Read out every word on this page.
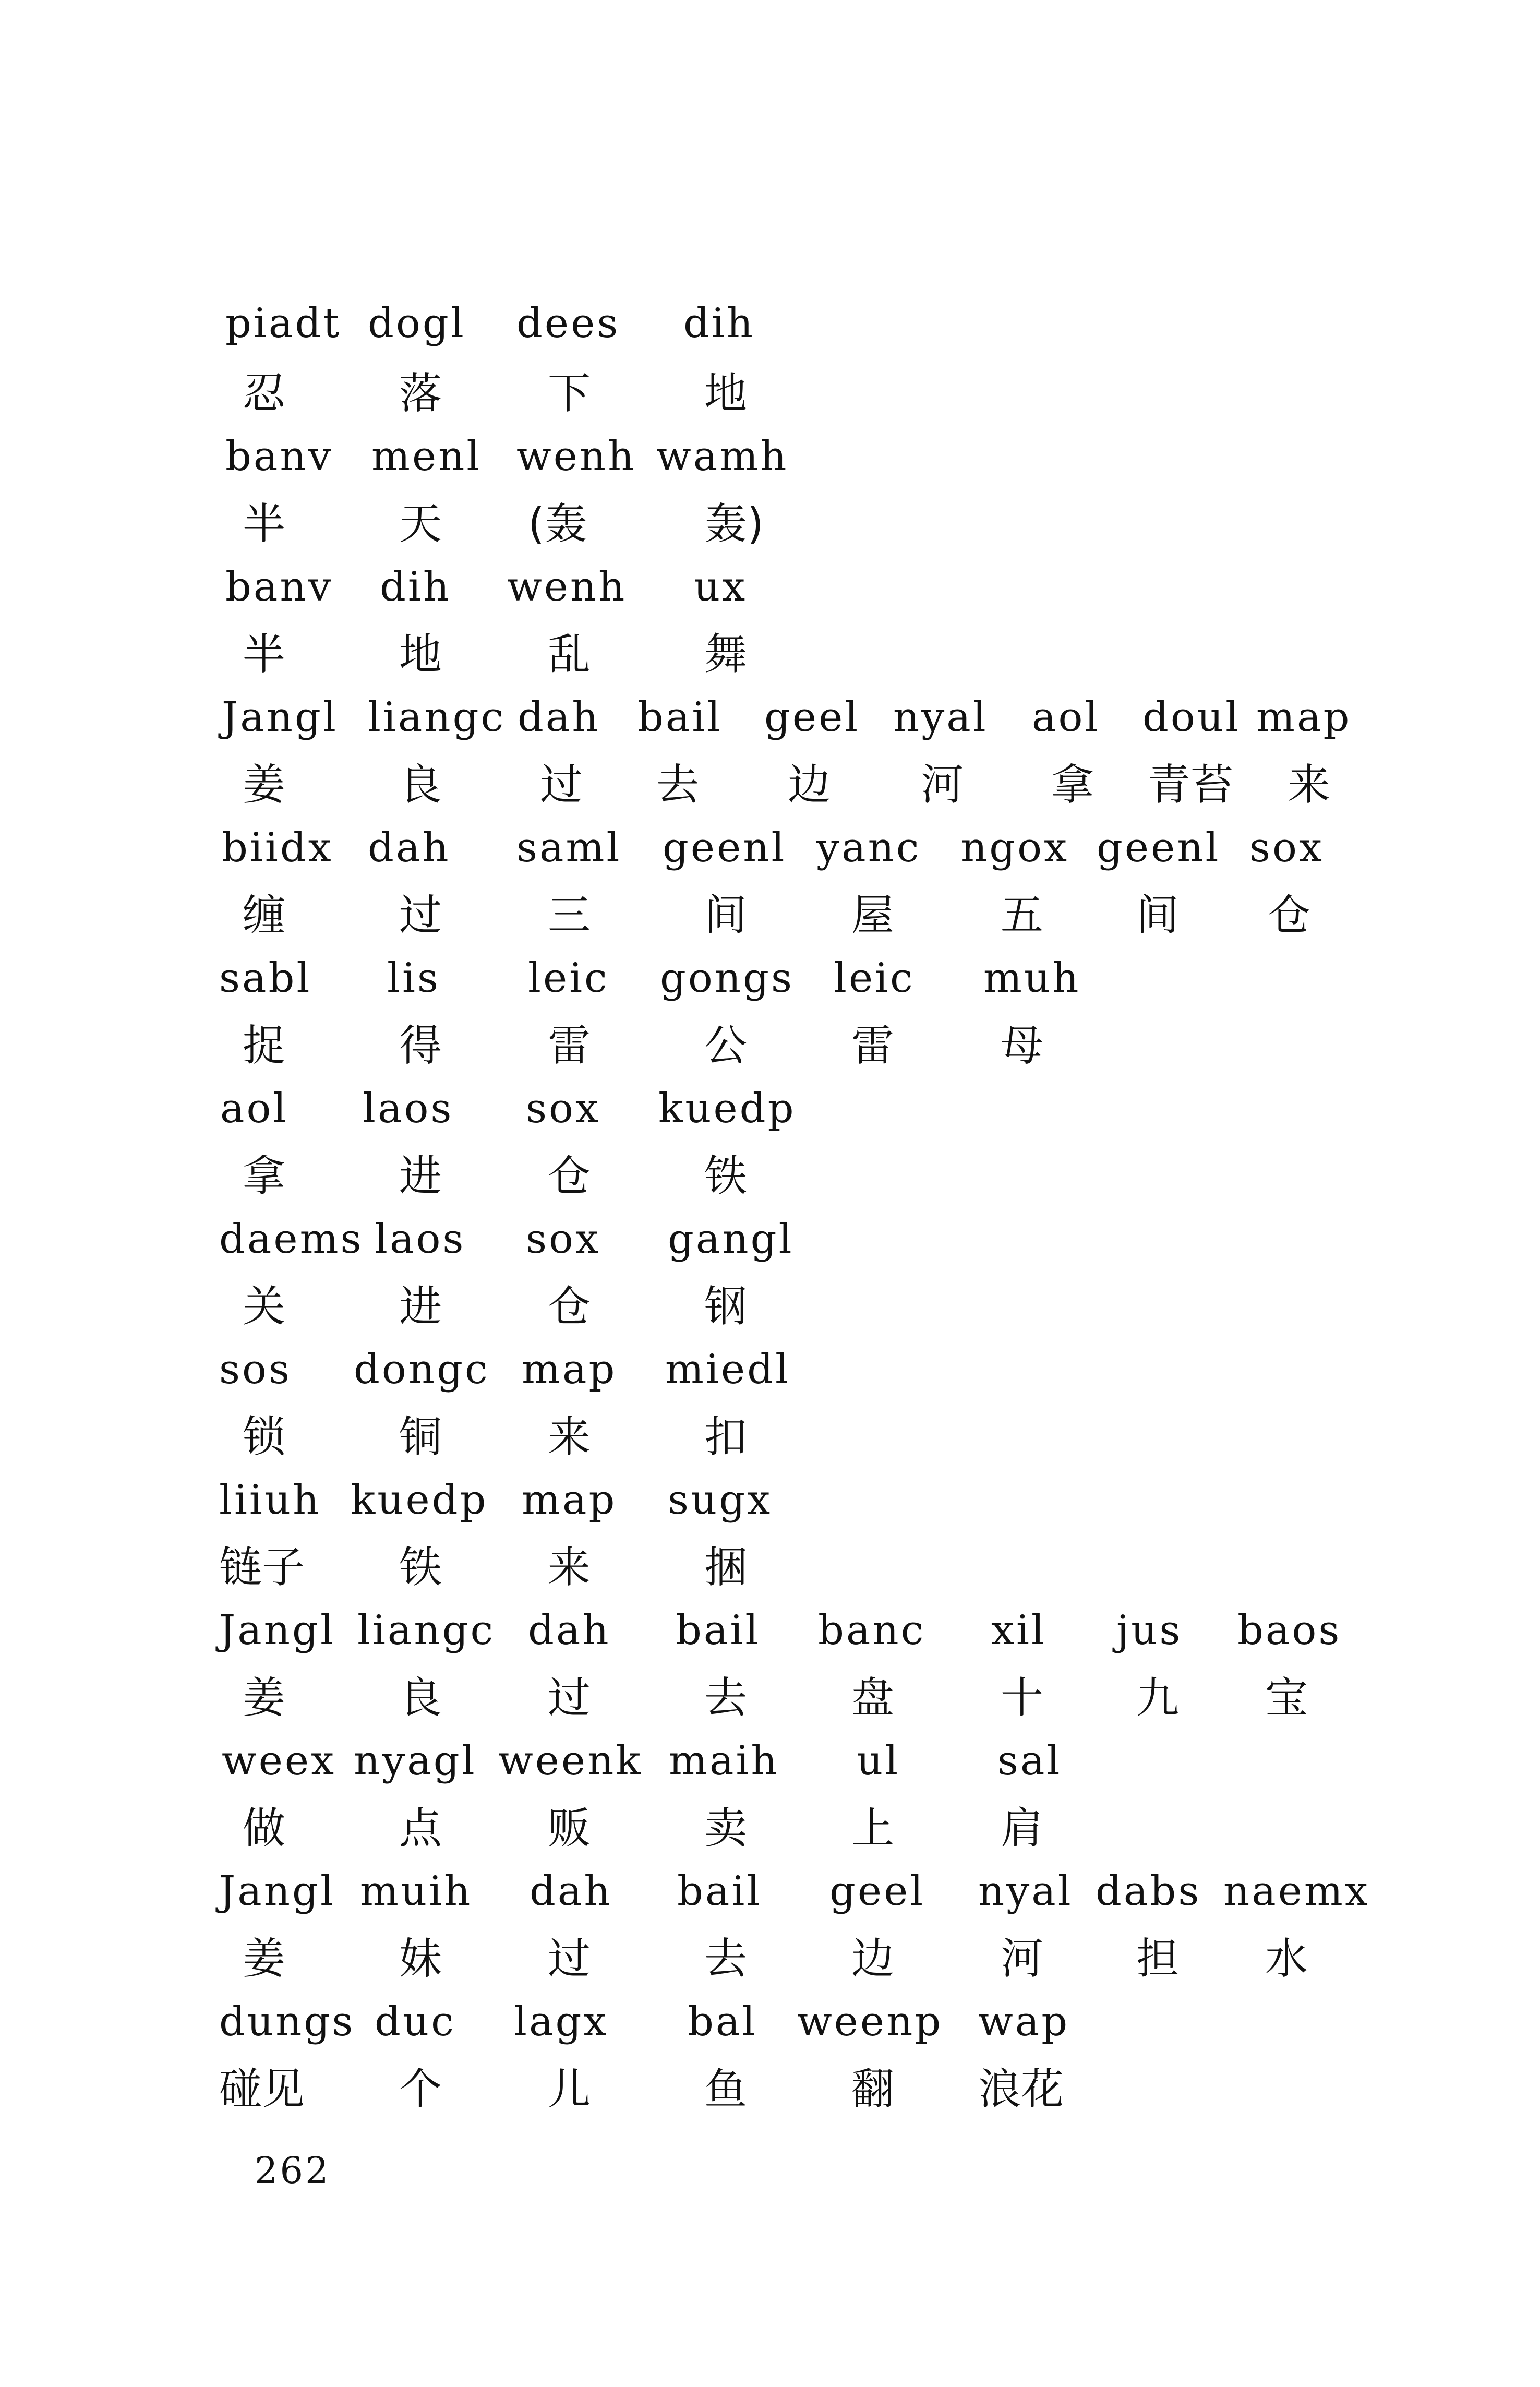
piadt dogl dees dih
忍	落 下	地
banv menl wenh wamh
半	天 (轰	轰)
banv dih wenh ux
半	地 乱	舞
Jangl liangc dah bail geel nyal aol doul map
姜	良 过 去 边 河 拿 青苔 来
biidx dah saml geenl yanc ngox geenl sox
缠	过 三	间 屋 五 间 仓
sabl lis leic gongs leic muh
捉	得 雷	公 雷 母
aol laos sox kuedp
拿	进 仓	铁
daems laos sox gangl
关	进 仓	钢
sos dongc map miedl
锁	铜 来	扣
liiuh kuedp map sugx
链子 铁 来	捆
Jangl liangc dah bail banc xil jus baos
姜	良 过	去 盘 十 九 宝
weex nyagl weenk maih ul sal
做	点 贩	卖 上 肩
Jangl muih dah bail geel nyal dabs naemx
姜	妹 过	去 边 河 担 水
dungs duc lagx bal weenp wap
碰见 个 儿	鱼 翻 浪花
262
